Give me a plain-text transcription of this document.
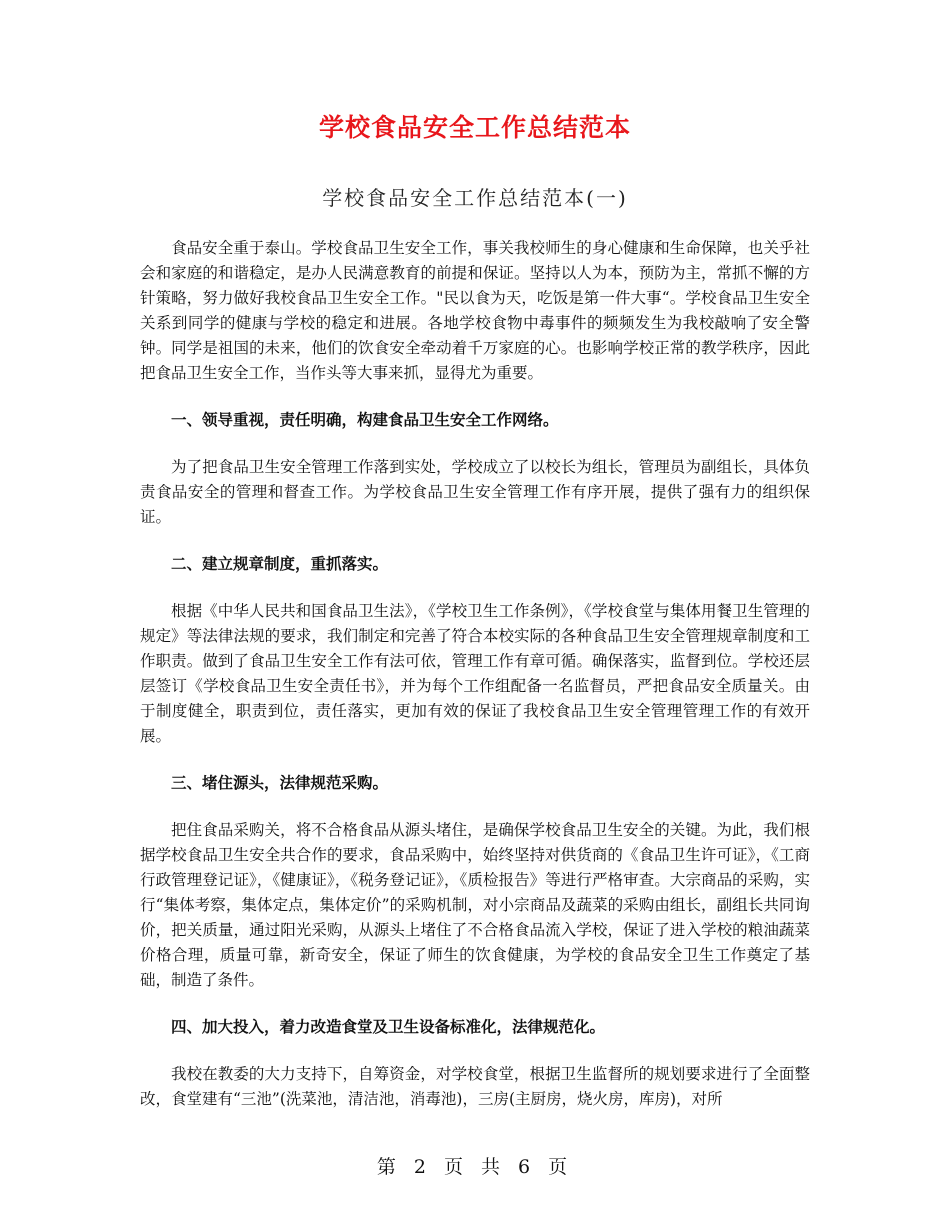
学校食品安全工作总结范本
学校食品安全工作总结范本(一)

食品安全重于泰山。学校食品卫生安全工作，事关我校师生的身心健康和生命保障，也关乎社会和家庭的和谐稳定，是办人民满意教育的前提和保证。坚持以人为本，预防为主，常抓不懈的方针策略，努力做好我校食品卫生安全工作。"民以食为天，吃饭是第一件大事“。学校食品卫生安全关系到同学的健康与学校的稳定和进展。各地学校食物中毒事件的频频发生为我校敲响了安全警钟。同学是祖国的未来，他们的饮食安全牵动着千万家庭的心。也影响学校正常的教学秩序，因此把食品卫生安全工作，当作头等大事来抓，显得尤为重要。

一、领导重视，责任明确，构建食品卫生安全工作网络。

为了把食品卫生安全管理工作落到实处，学校成立了以校长为组长，管理员为副组长，具体负责食品安全的管理和督查工作。为学校食品卫生安全管理工作有序开展，提供了强有力的组织保证。

二、建立规章制度，重抓落实。

根据《中华人民共和国食品卫生法》，《学校卫生工作条例》，《学校食堂与集体用餐卫生管理的规定》等法律法规的要求，我们制定和完善了符合本校实际的各种食品卫生安全管理规章制度和工作职责。做到了食品卫生安全工作有法可依，管理工作有章可循。确保落实，监督到位。学校还层层签订《学校食品卫生安全责任书》，并为每个工作组配备一名监督员，严把食品安全质量关。由于制度健全，职责到位，责任落实，更加有效的保证了我校食品卫生安全管理管理工作的有效开展。

三、堵住源头，法律规范采购。

把住食品采购关，将不合格食品从源头堵住，是确保学校食品卫生安全的关键。为此，我们根据学校食品卫生安全共合作的要求，食品采购中，始终坚持对供货商的《食品卫生许可证》，《工商行政管理登记证》，《健康证》，《税务登记证》，《质检报告》等进行严格审查。大宗商品的采购，实行“集体考察，集体定点，集体定价”的采购机制，对小宗商品及蔬菜的采购由组长，副组长共同询价，把关质量，通过阳光采购，从源头上堵住了不合格食品流入学校，保证了进入学校的粮油蔬菜价格合理，质量可靠，新奇安全，保证了师生的饮食健康，为学校的食品安全卫生工作奠定了基础，制造了条件。

四、加大投入，着力改造食堂及卫生设备标准化，法律规范化。

我校在教委的大力支持下，自筹资金，对学校食堂，根据卫生监督所的规划要求进行了全面整改，食堂建有“三池”(洗菜池，清洁池，消毒池)，三房(主厨房，烧火房，库房)，对所

第 2 页 共 6 页
